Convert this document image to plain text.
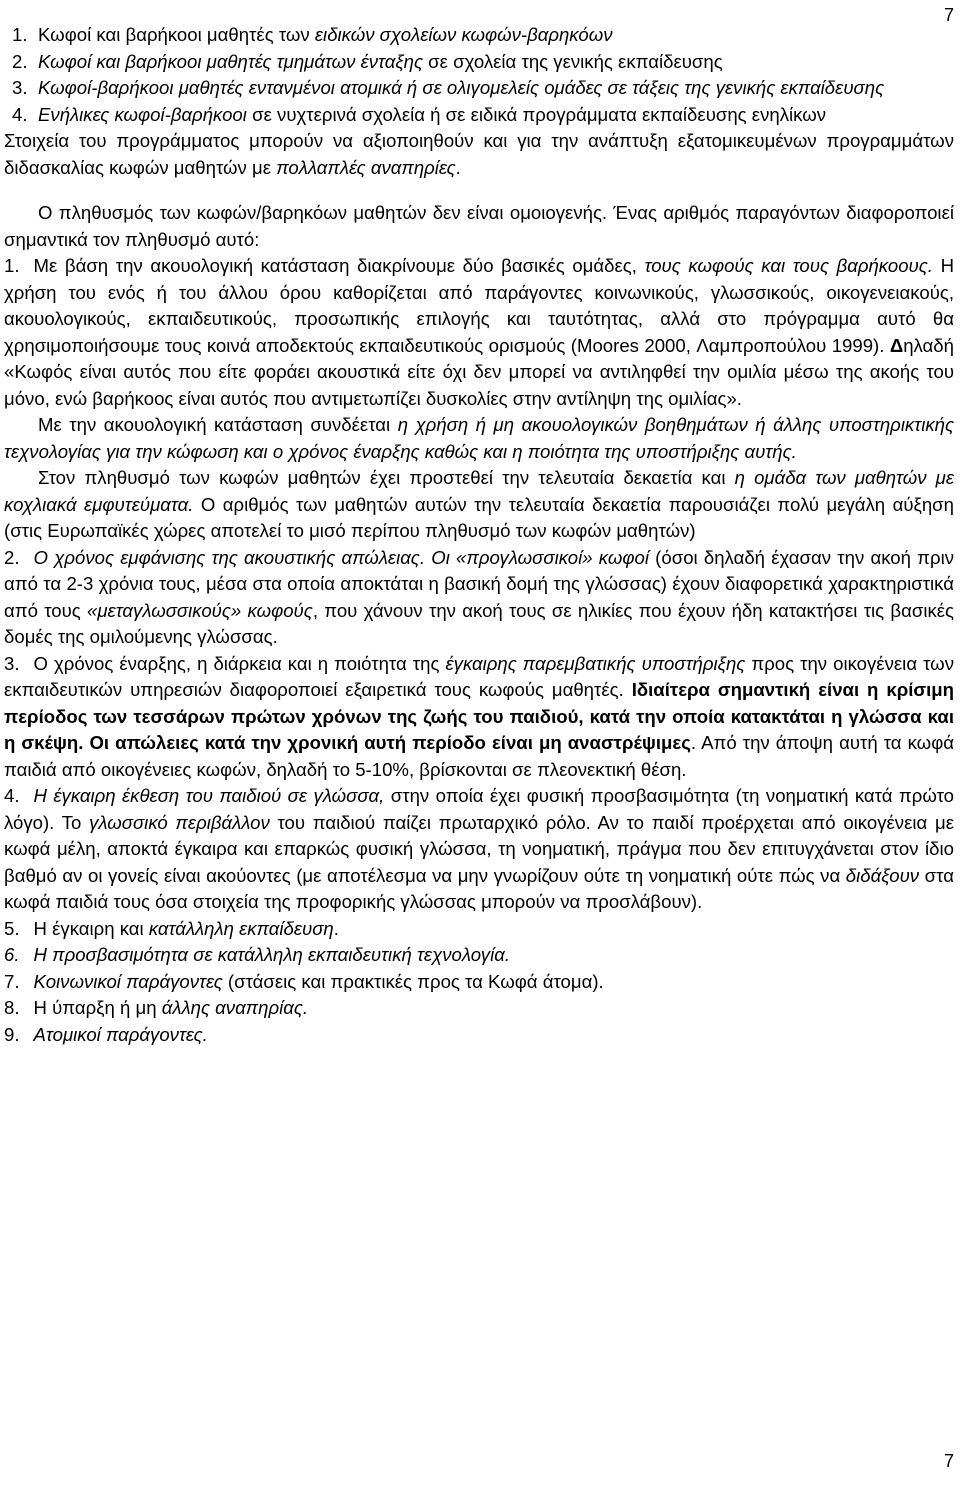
7
1. Κωφοί και βαρήκοοι μαθητές των ειδικών σχολείων κωφών-βαρηκόων
2. Κωφοί και βαρήκοοι μαθητές τμημάτων ένταξης σε σχολεία της γενικής εκπαίδευσης
3. Κωφοί-βαρήκοοι μαθητές εντανμένοι ατομικά ή σε ολιγομελείς ομάδες σε τάξεις της γενικής εκπαίδευσης
4. Ενήλικες κωφοί-βαρήκοοι σε νυχτερινά σχολεία ή σε ειδικά προγράμματα εκπαίδευσης ενηλίκων

Στοιχεία του προγράμματος μπορούν να αξιοποιηθούν και για την ανάπτυξη εξατομικευμένων προγραμμάτων διδασκαλίας κωφών μαθητών με πολλαπλές αναπηρίες.

Ο πληθυσμός των κωφών/βαρηκόων μαθητών δεν είναι ομοιογενής. Ένας αριθμός παραγόντων διαφοροποιεί σημαντικά τον πληθυσμό αυτό:

1. Με βάση την ακουολογική κατάσταση διακρίνουμε δύο βασικές ομάδες, τους κωφούς και τους βαρήκοους. Η χρήση του ενός ή του άλλου όρου καθορίζεται από παράγοντες κοινωνικούς, γλωσσικούς, οικογενειακούς, ακουολογικούς, εκπαιδευτικούς, προσωπικής επιλογής και ταυτότητας, αλλά στο πρόγραμμα αυτό θα χρησιμοποιήσουμε τους κοινά αποδεκτούς εκπαιδευτικούς ορισμούς (Moores 2000, Λαμπροπούλου 1999). Δηλαδή «Κωφός είναι αυτός που είτε φοράει ακουστικά είτε όχι δεν μπορεί να αντιληφθεί την ομιλία μέσω της ακοής του μόνο, ενώ βαρήκοος είναι αυτός που αντιμετωπίζει δυσκολίες στην αντίληψη της ομιλίας».

Με την ακουολογική κατάσταση συνδέεται η χρήση ή μη ακουολογικών βοηθημάτων ή άλλης υποστηρικτικής τεχνολογίας για την κώφωση και ο χρόνος έναρξης καθώς και η ποιότητα της υποστήριξης αυτής.

Στον πληθυσμό των κωφών μαθητών έχει προστεθεί την τελευταία δεκαετία και η ομάδα των μαθητών με κοχλιακά εμφυτεύματα. Ο αριθμός των μαθητών αυτών την τελευταία δεκαετία παρουσιάζει πολύ μεγάλη αύξηση (στις Ευρωπαϊκές χώρες αποτελεί το μισό περίπου πληθυσμό των κωφών μαθητών)

2. Ο χρόνος εμφάνισης της ακουστικής απώλειας. Οι «προγλωσσικοί» κωφοί (όσοι δηλαδή έχασαν την ακοή πριν από τα 2-3 χρόνια τους, μέσα στα οποία αποκτάται η βασική δομή της γλώσσας) έχουν διαφορετικά χαρακτηριστικά από τους «μεταγλωσσικούς» κωφούς, που χάνουν την ακοή τους σε ηλικίες που έχουν ήδη κατακτήσει τις βασικές δομές της ομιλούμενης γλώσσας.

3. Ο χρόνος έναρξης, η διάρκεια και η ποιότητα της έγκαιρης παρεμβατικής υποστήριξης προς την οικογένεια των εκπαιδευτικών υπηρεσιών διαφοροποιεί εξαιρετικά τους κωφούς μαθητές. Ιδιαίτερα σημαντική είναι η κρίσιμη περίοδος των τεσσάρων πρώτων χρόνων της ζωής του παιδιού, κατά την οποία κατακτάται η γλώσσα και η σκέψη. Οι απώλειες κατά την χρονική αυτή περίοδο είναι μη αναστρέψιμες. Από την άποψη αυτή τα κωφά παιδιά από οικογένειες κωφών, δηλαδή το 5-10%, βρίσκονται σε πλεονεκτική θέση.

4. Η έγκαιρη έκθεση του παιδιού σε γλώσσα, στην οποία έχει φυσική προσβασιμότητα (τη νοηματική κατά πρώτο λόγο). Το γλωσσικό περιβάλλον του παιδιού παίζει πρωταρχικό ρόλο. Αν το παιδί προέρχεται από οικογένεια με κωφά μέλη, αποκτά έγκαιρα και επαρκώς φυσική γλώσσα, τη νοηματική, πράγμα που δεν επιτυγχάνεται στον ίδιο βαθμό αν οι γονείς είναι ακούοντες (με αποτέλεσμα να μην γνωρίζουν ούτε τη νοηματική ούτε πώς να διδάξουν στα κωφά παιδιά τους όσα στοιχεία της προφορικής γλώσσας μπορούν να προσλάβουν).

5. Η έγκαιρη και κατάλληλη εκπαίδευση.
6. Η προσβασιμότητα σε κατάλληλη εκπαιδευτική τεχνολογία.
7. Κοινωνικοί παράγοντες (στάσεις και πρακτικές προς τα Κωφά άτομα).
8. Η ύπαρξη ή μη άλλης αναπηρίας.
9. Ατομικοί παράγοντες.
7
